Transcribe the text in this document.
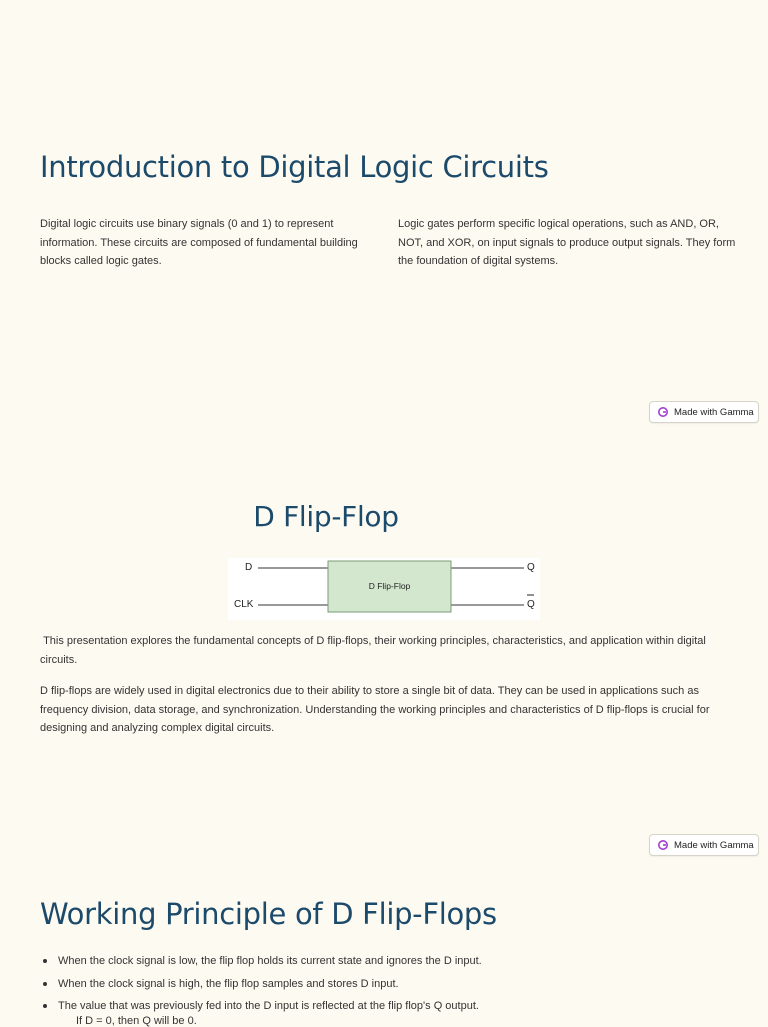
Introduction to Digital Logic Circuits

Digital logic circuits use binary signals (0 and 1) to represent information. These circuits are composed of fundamental building blocks called logic gates.

Logic gates perform specific logical operations, such as AND, OR, NOT, and XOR, on input signals to produce output signals. They form the foundation of digital systems.

Made with Gamma
D Flip-Flop
D
CLK
D Flip-Flop
Q
Q

This presentation explores the fundamental concepts of D flip-flops, their working principles, characteristics, and application within digital circuits.

D flip-flops are widely used in digital electronics due to their ability to store a single bit of data. They can be used in applications such as frequency division, data storage, and synchronization. Understanding the working principles and characteristics of D flip-flops is crucial for designing and analyzing complex digital circuits.

Made with Gamma
Working Principle of D Flip-Flops
When the clock signal is low, the flip flop holds its current state and ignores the D input.
When the clock signal is high, the flip flop samples and stores D input.
The value that was previously fed into the D input is reflected at the flip flop's Q output.
If D = 0, then Q will be 0.
